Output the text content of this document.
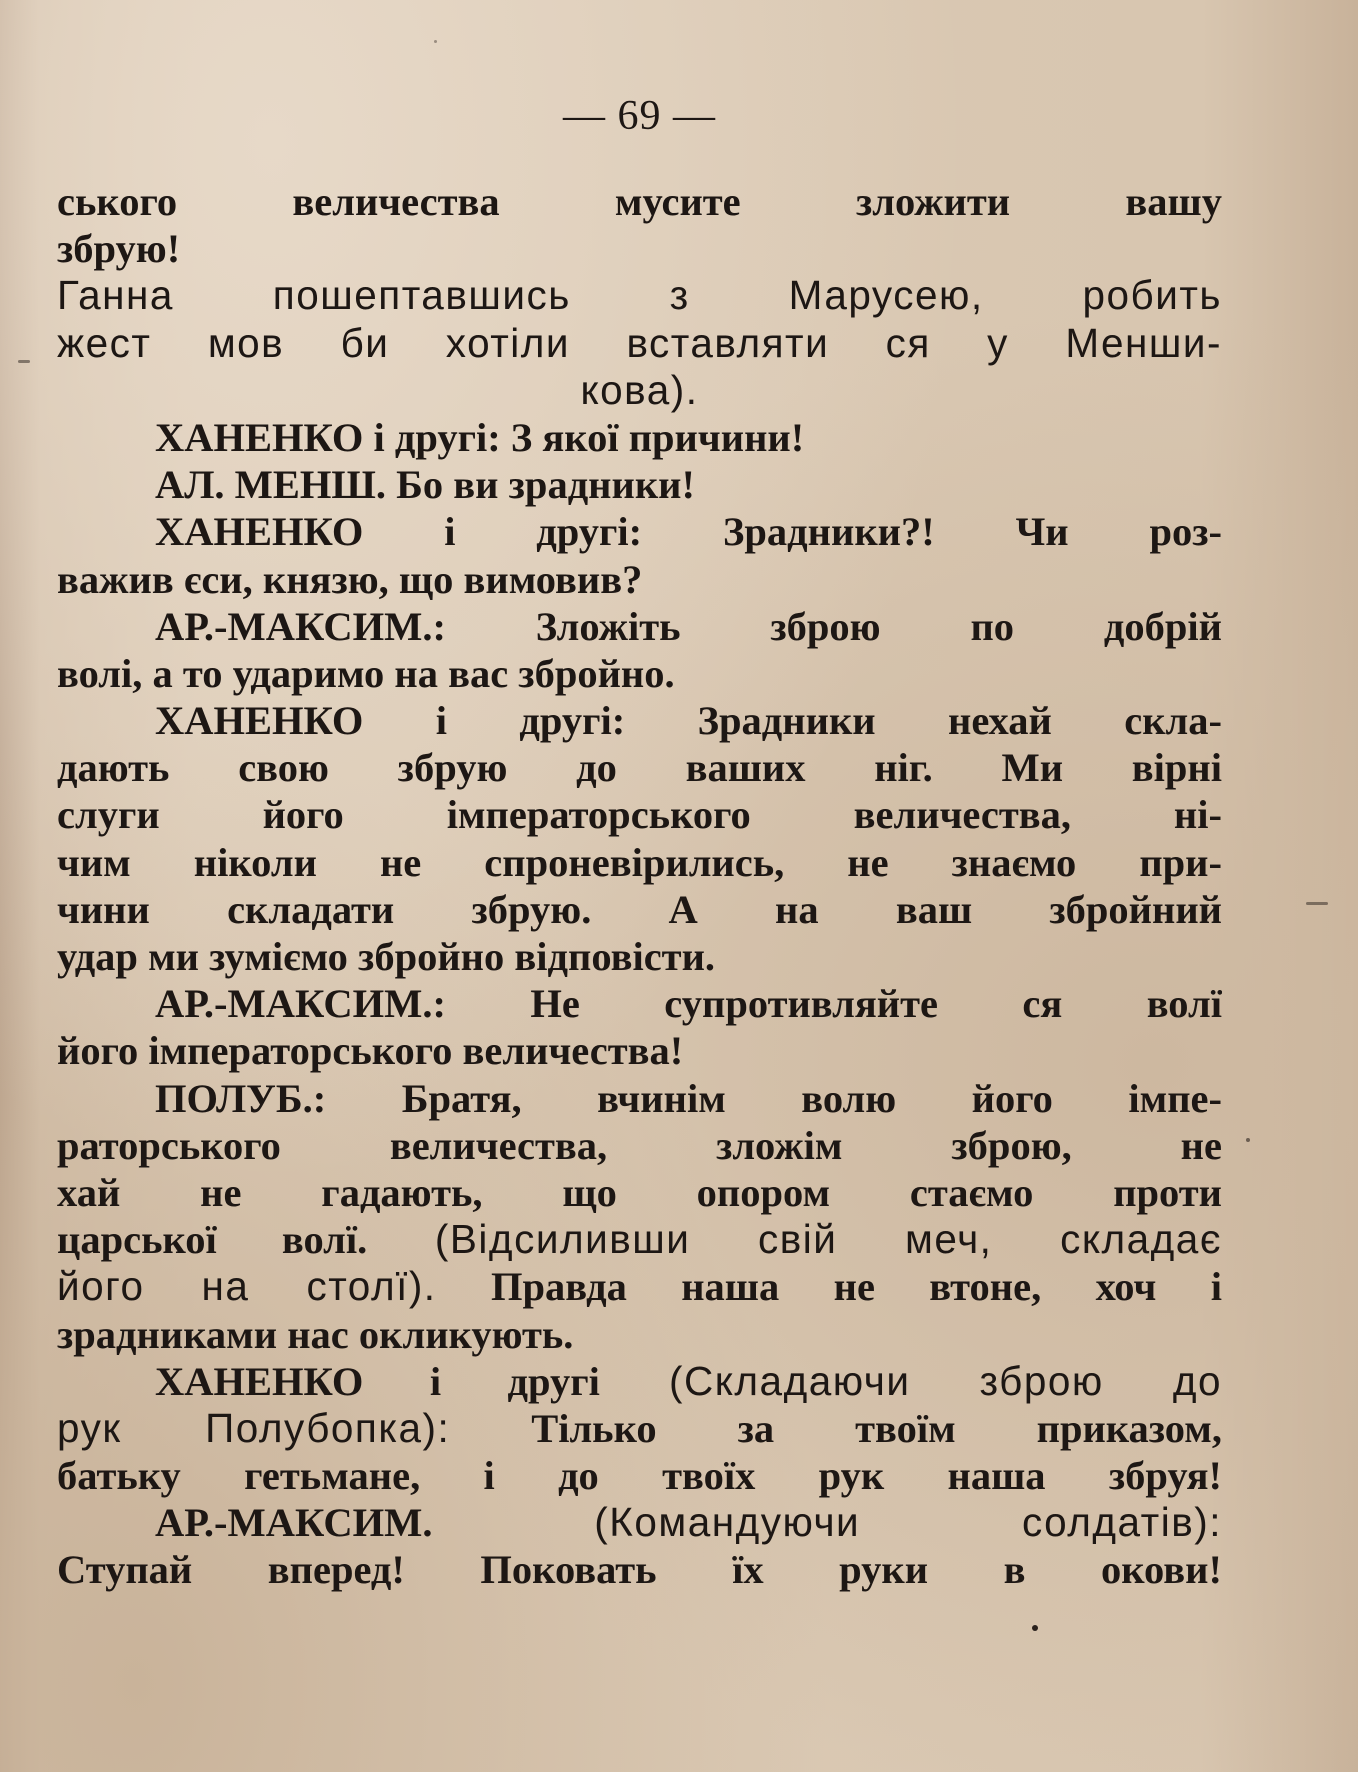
— 69 —
ського величества мусите зложити вашу
збрую!
Ганна пошептавшись з Марусею, робить
жест мов би хотіли вставляти ся у Менши-
кова).
ХАНЕНКО і другі: З якої причини!
АЛ. МЕНШ. Бо ви зрадники!
ХАНЕНКО і другі: Зрадники?! Чи роз-
важив єси, князю, що вимовив?
АР.-МАКСИМ.: Зложіть зброю по добрій
волі, а то ударимо на вас збройно.
ХАНЕНКО і другі: Зрадники нехай скла-
дають свою збрую до ваших ніг. Ми вірні
слуги його імператорського величества, ні-
чим ніколи не спроневірились, не знаємо при-
чини складати збрую. А на ваш збройний
удар ми зуміємо збройно відповісти.
АР.-МАКСИМ.: Не супротивляйте ся волї
його імператорського величества!
ПОЛУБ.: Братя, вчинім волю його імпе-
раторського величества, зложім зброю, не
хай не гадають, що опором стаємо проти
царської волї. (Відсиливши свій меч, складає
його на столї). Правда наша не втоне, хоч і
зрадниками нас окликують.
ХАНЕНКО і другі (Складаючи зброю до
рук Полубопка): Тілько за твоїм приказом,
батьку гетьмане, і до твоїх рук наша збруя!
АР.-МАКСИМ. (Командуючи солдатів):
Ступай вперед! Поковать їх руки в окови!
